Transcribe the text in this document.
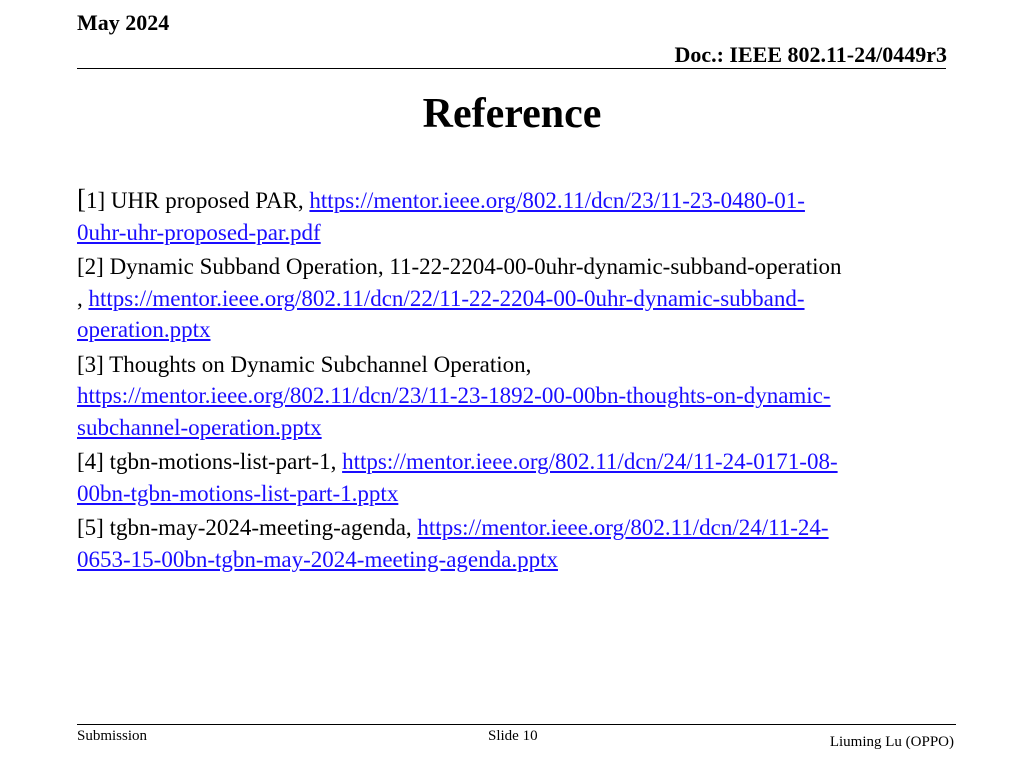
May 2024
Doc.: IEEE 802.11-24/0449r3
Reference
[1] UHR proposed PAR, https://mentor.ieee.org/802.11/dcn/23/11-23-0480-01-
0uhr-uhr-proposed-par.pdf
[2] Dynamic Subband Operation, 11-22-2204-00-0uhr-dynamic-subband-operation
, https://mentor.ieee.org/802.11/dcn/22/11-22-2204-00-0uhr-dynamic-subband-
operation.pptx
[3] Thoughts on Dynamic Subchannel Operation,
https://mentor.ieee.org/802.11/dcn/23/11-23-1892-00-00bn-thoughts-on-dynamic-
subchannel-operation.pptx
[4] tgbn-motions-list-part-1, https://mentor.ieee.org/802.11/dcn/24/11-24-0171-08-
00bn-tgbn-motions-list-part-1.pptx
[5] tgbn-may-2024-meeting-agenda, https://mentor.ieee.org/802.11/dcn/24/11-24-
0653-15-00bn-tgbn-may-2024-meeting-agenda.pptx
Submission	Slide 10	Liuming Lu (OPPO)
